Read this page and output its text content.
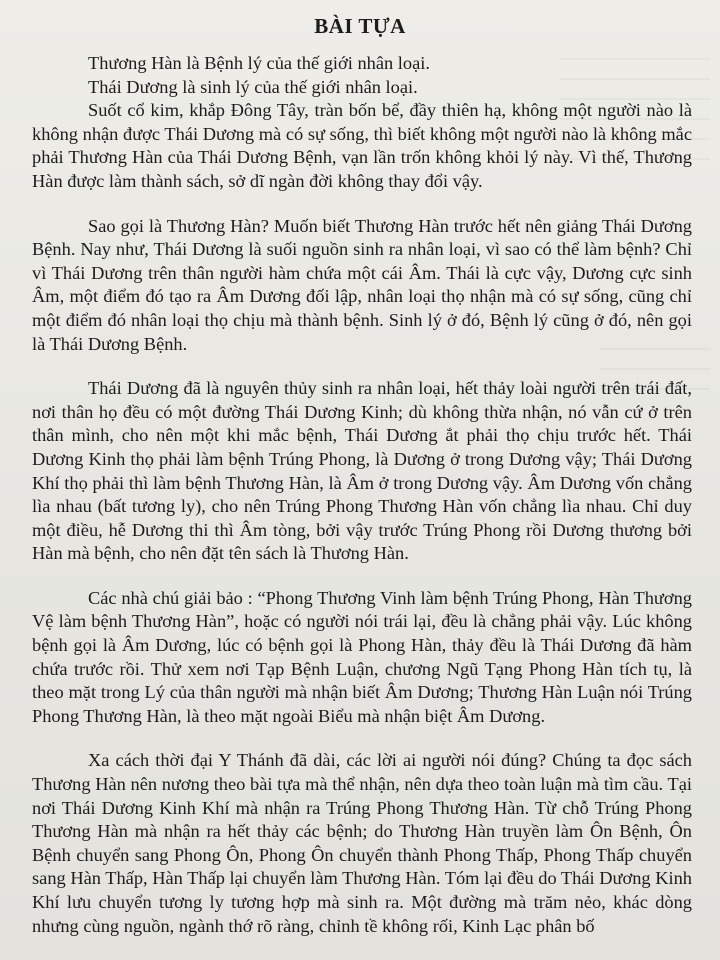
BÀI TỰA
Thương Hàn là Bệnh lý của thế giới nhân loại.
Thái Dương là sinh lý của thế giới nhân loại.

Suốt cổ kim, khắp Đông Tây, tràn bốn bể, đầy thiên hạ, không một người nào là không nhận được Thái Dương mà có sự sống, thì biết không một người nào là không mắc phải Thương Hàn của Thái Dương Bệnh, vạn lần trốn không khỏi lý này. Vì thế, Thương Hàn được làm thành sách, sở dĩ ngàn đời không thay đổi vậy.

Sao gọi là Thương Hàn? Muốn biết Thương Hàn trước hết nên giảng Thái Dương Bệnh. Nay như, Thái Dương là suối nguồn sinh ra nhân loại, vì sao có thể làm bệnh? Chỉ vì Thái Dương trên thân người hàm chứa một cái Âm. Thái là cực vậy, Dương cực sinh Âm, một điểm đó tạo ra Âm Dương đối lập, nhân loại thọ nhận mà có sự sống, cũng chỉ một điểm đó nhân loại thọ chịu mà thành bệnh. Sinh lý ở đó, Bệnh lý cũng ở đó, nên gọi là Thái Dương Bệnh.

Thái Dương đã là nguyên thủy sinh ra nhân loại, hết thảy loài người trên trái đất, nơi thân họ đều có một đường Thái Dương Kinh; dù không thừa nhận, nó vẫn cứ ở trên thân mình, cho nên một khi mắc bệnh, Thái Dương ắt phải thọ chịu trước hết. Thái Dương Kinh thọ phải làm bệnh Trúng Phong, là Dương ở trong Dương vậy; Thái Dương Khí thọ phải thì làm bệnh Thương Hàn, là Âm ở trong Dương vậy. Âm Dương vốn chẳng lìa nhau (bất tương ly), cho nên Trúng Phong Thương Hàn vốn chẳng lìa nhau. Chỉ duy một điều, hễ Dương thi thì Âm tòng, bởi vậy trước Trúng Phong rồi Dương thương bởi Hàn mà bệnh, cho nên đặt tên sách là Thương Hàn.

Các nhà chú giải bảo : “Phong Thương Vinh làm bệnh Trúng Phong, Hàn Thương Vệ làm bệnh Thương Hàn”, hoặc có người nói trái lại, đều là chẳng phải vậy. Lúc không bệnh gọi là Âm Dương, lúc có bệnh gọi là Phong Hàn, thảy đều là Thái Dương đã hàm chứa trước rồi. Thử xem nơi Tạp Bệnh Luận, chương Ngũ Tạng Phong Hàn tích tụ, là theo mặt trong Lý của thân người mà nhận biết Âm Dương; Thương Hàn Luận nói Trúng Phong Thương Hàn, là theo mặt ngoài Biểu mà nhận biệt Âm Dương.

Xa cách thời đại Y Thánh đã dài, các lời ai người nói đúng? Chúng ta đọc sách Thương Hàn nên nương theo bài tựa mà thể nhận, nên dựa theo toàn luận mà tìm cầu. Tại nơi Thái Dương Kinh Khí mà nhận ra Trúng Phong Thương Hàn. Từ chỗ Trúng Phong Thương Hàn mà nhận ra hết thảy các bệnh; do Thương Hàn truyền làm Ôn Bệnh, Ôn Bệnh chuyển sang Phong Ôn, Phong Ôn chuyển thành Phong Thấp, Phong Thấp chuyển sang Hàn Thấp, Hàn Thấp lại chuyển làm Thương Hàn. Tóm lại đều do Thái Dương Kinh Khí lưu chuyển tương ly tương hợp mà sinh ra. Một đường mà trăm nẻo, khác dòng nhưng cùng nguồn, ngành thớ rõ ràng, chỉnh tề không rối, Kinh Lạc phân bố
